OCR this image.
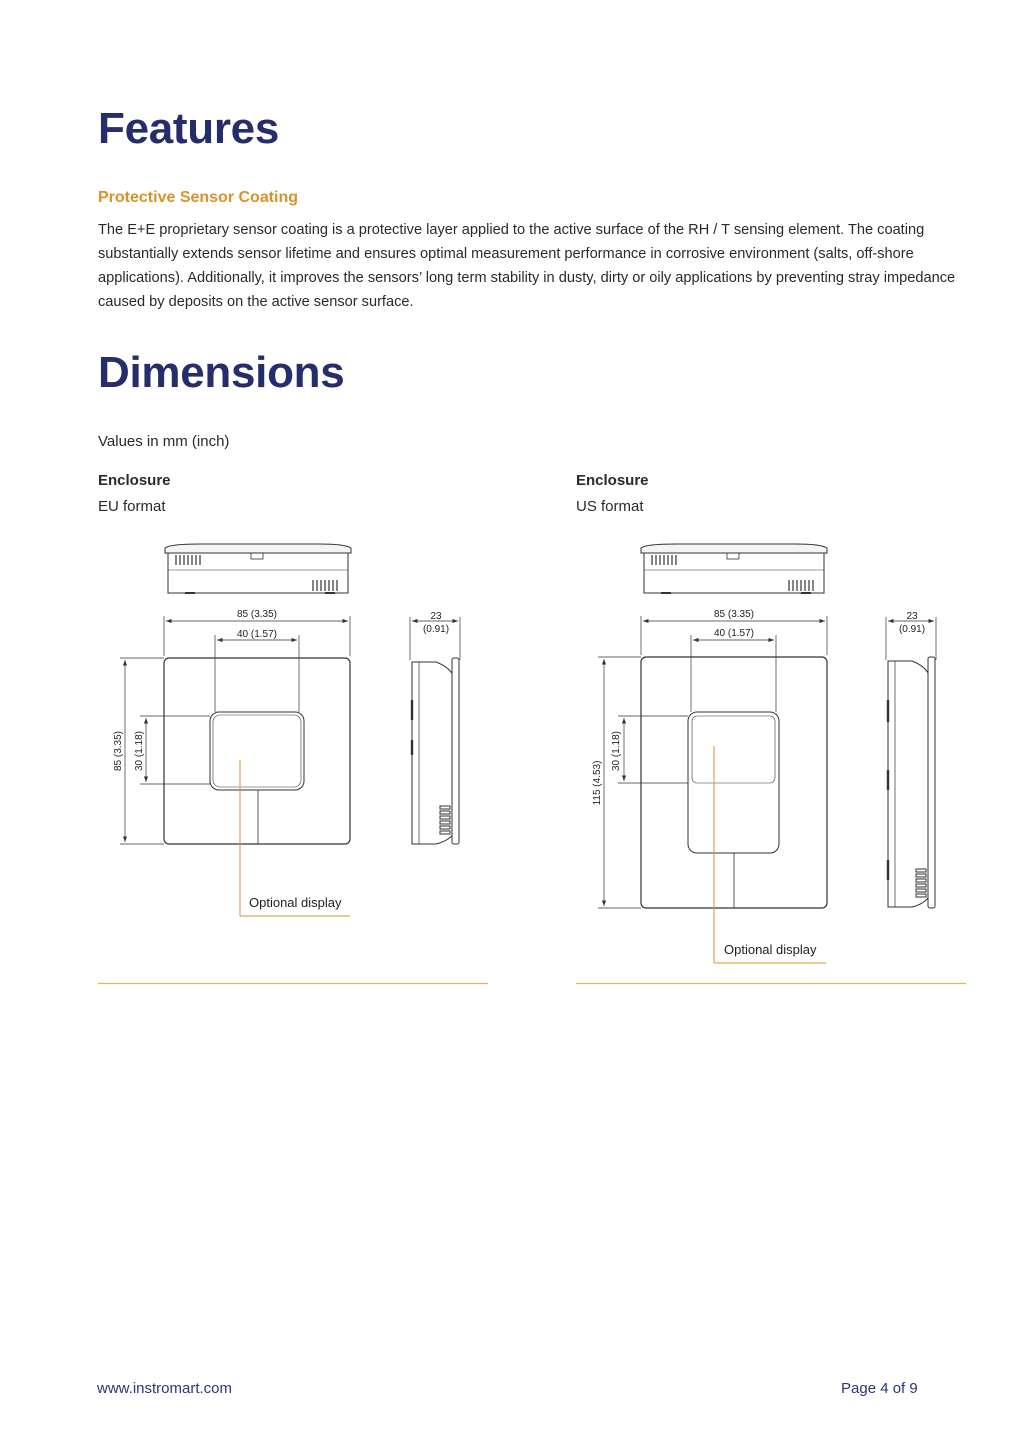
Features
Protective Sensor Coating

The E+E proprietary sensor coating is a protective layer applied to the active surface of the RH / T sensing element. The coating substantially extends sensor lifetime and ensures optimal measurement performance in corrosive environment (salts, off-shore applications). Additionally, it improves the sensors’ long term stability in dusty, dirty or oily applications by preventing stray impedance caused by deposits on the active sensor surface.

Dimensions

Values in mm (inch)

Enclosure

EU format

Enclosure

US format

85 (3.35)
40 (1.57)
23
(0.91)
85 (3.35) 30 (1.18)
Optional display
85 (3.35)
40 (1.57)
23
(0.91)
115 (4.53)
30 (1.18)
Optional display
www.instromart.com	Page 4 of 9
